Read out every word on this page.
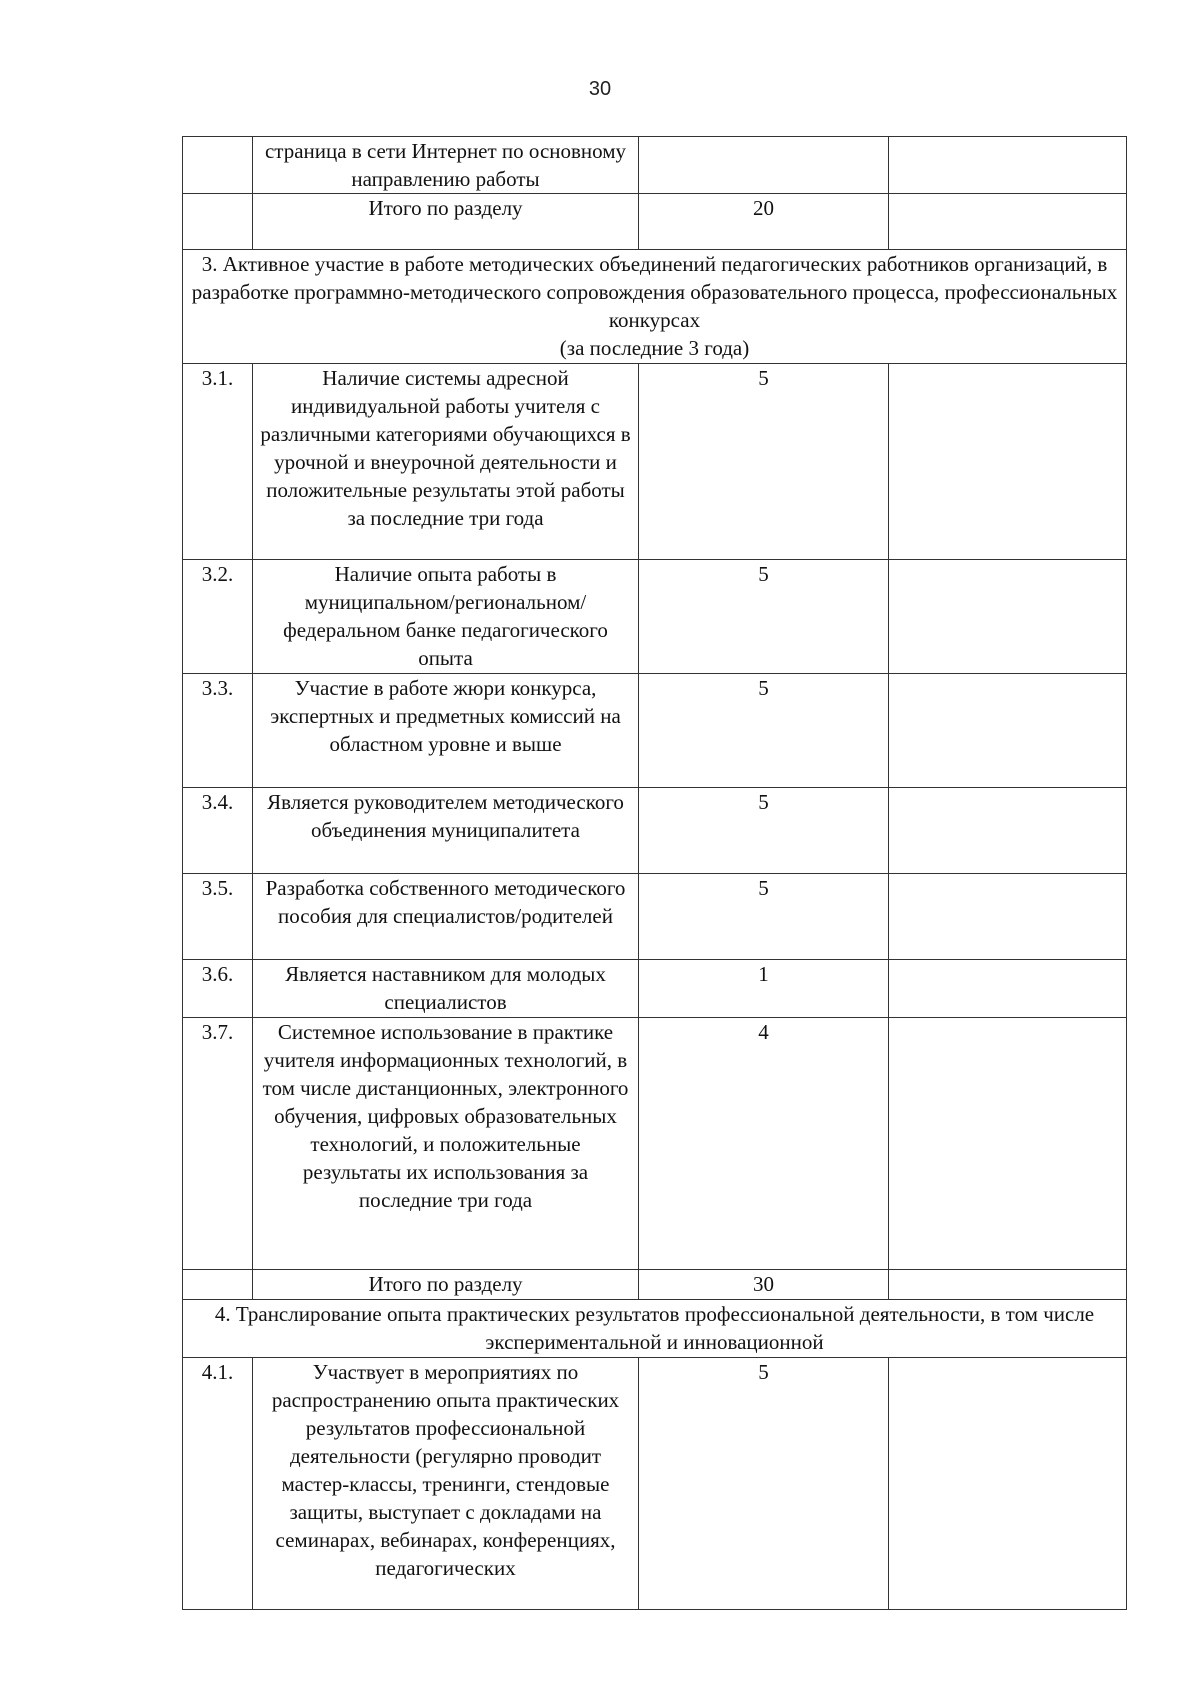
30
	страница в сети Интернет по основному направлению работы		
	Итого по разделу	20	

3. Активное участие в работе методических объединений педагогических работников организаций, в разработке программно-методического сопровождения образовательного процесса, профессиональных конкурсах
(за последние 3 года)			

3.1.	Наличие системы адресной индивидуальной работы учителя с различными категориями обучающихся в урочной и внеурочной деятельности и положительные результаты этой работы за последние три года	5	
3.2.	Наличие опыта работы в муниципальном/региональном/ федеральном банке педагогического опыта	5	
3.3.	Участие в работе жюри конкурса, экспертных и предметных комиссий на областном уровне и выше	5	
3.4.	Является руководителем методического объединения муниципалитета	5	
3.5.	Разработка собственного методического пособия для специалистов/родителей	5	
3.6.	Является наставником для молодых специалистов	1	
3.7.	Системное использование в практике учителя информационных технологий, в том числе дистанционных, электронного обучения, цифровых образовательных технологий, и положительные результаты их использования за последние три года	4	
	Итого по разделу	30	

4. Транслирование опыта практических результатов профессиональной деятельности, в том числе экспериментальной и инновационной			

4.1.	Участвует в мероприятиях по распространению опыта практических результатов профессиональной деятельности (регулярно проводит мастер-классы, тренинги, стендовые защиты, выступает с докладами на семинарах, вебинарах, конференциях, педагогических	5	
